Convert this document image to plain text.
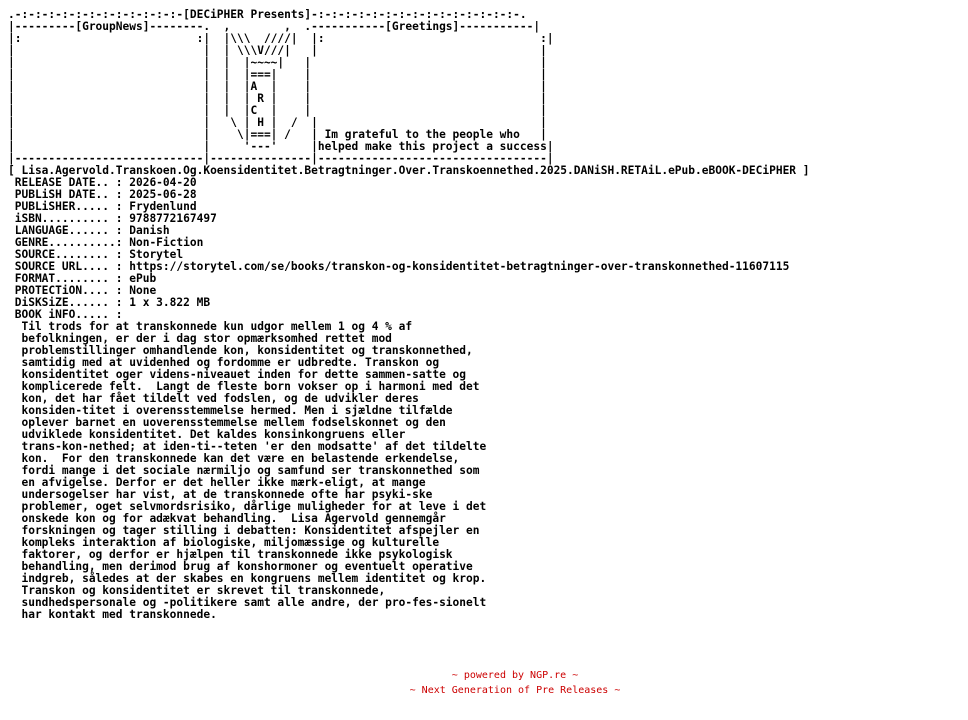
.-:-:-:-:-:-:-:-:-:-:-:-:-[DECiPHER Presents]-:-:-:-:-:-:-:-:-:-:-:-:-:-:-:-.
|---------[GroupNews]--------.  ,        ,  .-----------[Greetings]-----------|
|:                          :|  |\\\  ////|  |:                                :|
|                            |  | \\\V///|   |                                 |
|                            |  |  |~~~~|   |                                  |
|                            |  |  |===|    |                                  |
|                            |  |  |A  |    |                                  |
|                            |  |  | R |    |                                  |
|                            |  |  |C  |    |                                  |
|                            |   \ | H |  /  |                                 |
|                            |    \|===| /   | Im grateful to the people who   |
|                            |     '---'     |helped make this project a success|
|----------------------------|---------------|----------------------------------|
[ Lisa.Agervold.Transkoen.Og.Koensidentitet.Betragtninger.Over.Transkoennethed.2025.DANiSH.RETAiL.ePub.eBOOK-DECiPHER ]
RELEASE DATE.. : 2026-04-20
PUBLiSH DATE.. : 2025-06-28
PUBLiSHER..... : Frydenlund
iSBN.......... : 9788772167497
LANGUAGE...... : Danish
GENRE..........: Non-Fiction
SOURCE........ : Storytel
SOURCE URL.... : https://storytel.com/se/books/transkon-og-konsidentitet-betragtninger-over-transkonnethed-11607115
FORMAT........ : ePub
PROTECTiON.... : None
DiSKSiZE...... : 1 x 3.822 MB
BOOK iNFO..... :
Til trods for at transkonnede kun udgor mellem 1 og 4 % af
befolkningen, er der i dag stor opmærksomhed rettet mod
problemstillinger omhandlende kon, konsidentitet og transkonnethed,
samtidig med at uvidenhed og fordomme er udbredte. Transkon og
konsidentitet oger videns-niveauet inden for dette sammen-satte og
komplicerede felt.  Langt de fleste born vokser op i harmoni med det
kon, det har fået tildelt ved fodslen, og de udvikler deres
konsiden-titet i overensstemmelse hermed. Men i sjældne tilfælde
oplever barnet en uoverensstemmelse mellem fodselskonnet og den
udviklede konsidentitet. Det kaldes konsinkongruens eller
trans-kon-nethed; at iden-ti--teten 'er den modsatte' af det tildelte
kon.  For den transkonnede kan det være en belastende erkendelse,
fordi mange i det sociale nærmiljo og samfund ser transkonnethed som
en afvigelse. Derfor er det heller ikke mærk-eligt, at mange
undersogelser har vist, at de transkonnede ofte har psyki-ske
problemer, oget selvmordsrisiko, dårlige muligheder for at leve i det
onskede kon og for adækvat behandling.  Lisa Agervold gennemgår
forskningen og tager stilling i debatten: Konsidentitet afspejler en
kompleks interaktion af biologiske, miljomæssige og kulturelle
faktorer, og derfor er hjælpen til transkonnede ikke psykologisk
behandling, men derimod brug af konshormoner og eventuelt operative
indgreb, således at der skabes en kongruens mellem identitet og krop.
Transkon og konsidentitet er skrevet til transkonnede,
sundhedspersonale og -politikere samt alle andre, der pro-fes-sionelt
har kontakt med transkonnede.
~ powered by NGP.re ~
~ Next Generation of Pre Releases ~
